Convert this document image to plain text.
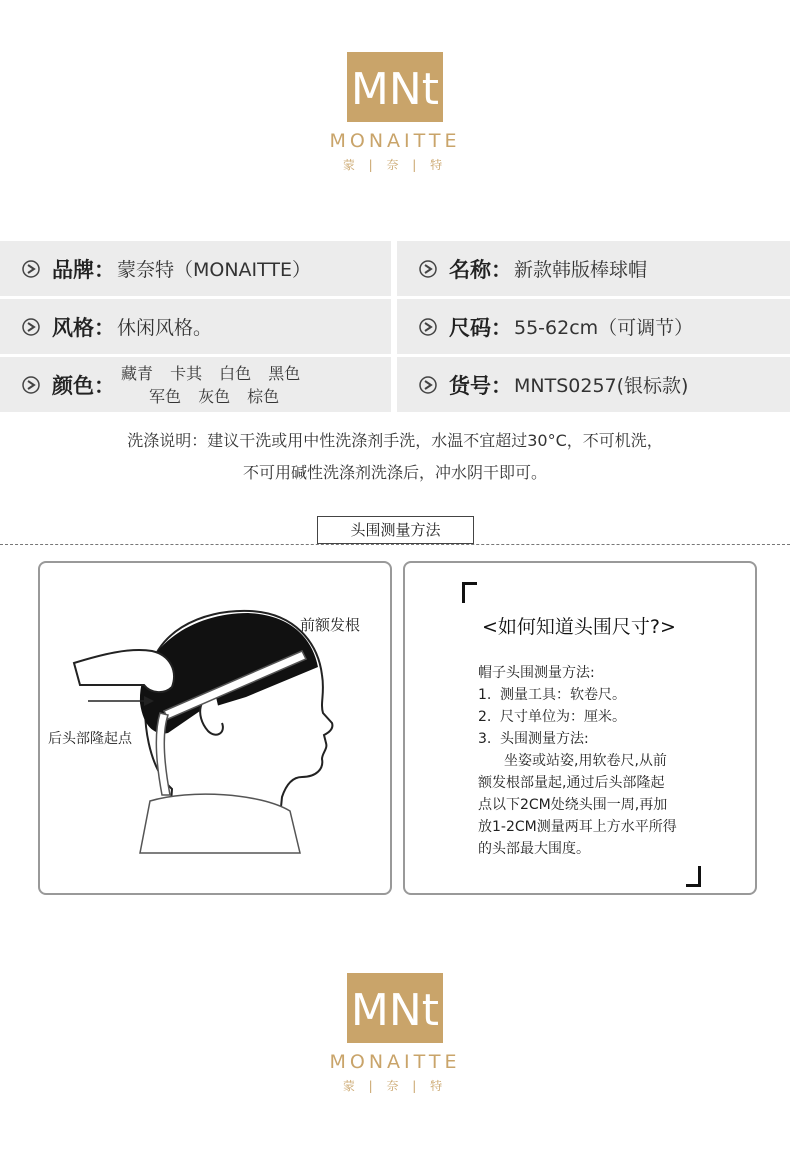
MNt
MONAITTE
蒙 | 奈 | 特
品牌： 蒙奈特（MONAITTE）	名称： 新款韩版棒球帽
风格： 休闲风格。	尺码： 55-62cm（可调节）
颜色：
藏青 卡其 白色 黑色
军色 灰色 棕色	货号： MNTS0257(银标款)
洗涤说明：建议干洗或用中性洗涤剂手洗，水温不宜超过30°C，不可机洗，
不可用碱性洗涤剂洗涤后，冲水阴干即可。
头围测量方法
前额发根
后头部隆起点
<如何知道头围尺寸?>
帽子头围测量方法:
1. 测量工具：软卷尺。
2. 尺寸单位为：厘米。
3. 头围测量方法:
坐姿或站姿,用软卷尺,从前
额发根部量起,通过后头部隆起
点以下2CM处绕头围一周,再加
放1-2CM测量两耳上方水平所得
的头部最大围度。
MNt
MONAITTE
蒙 | 奈 | 特
